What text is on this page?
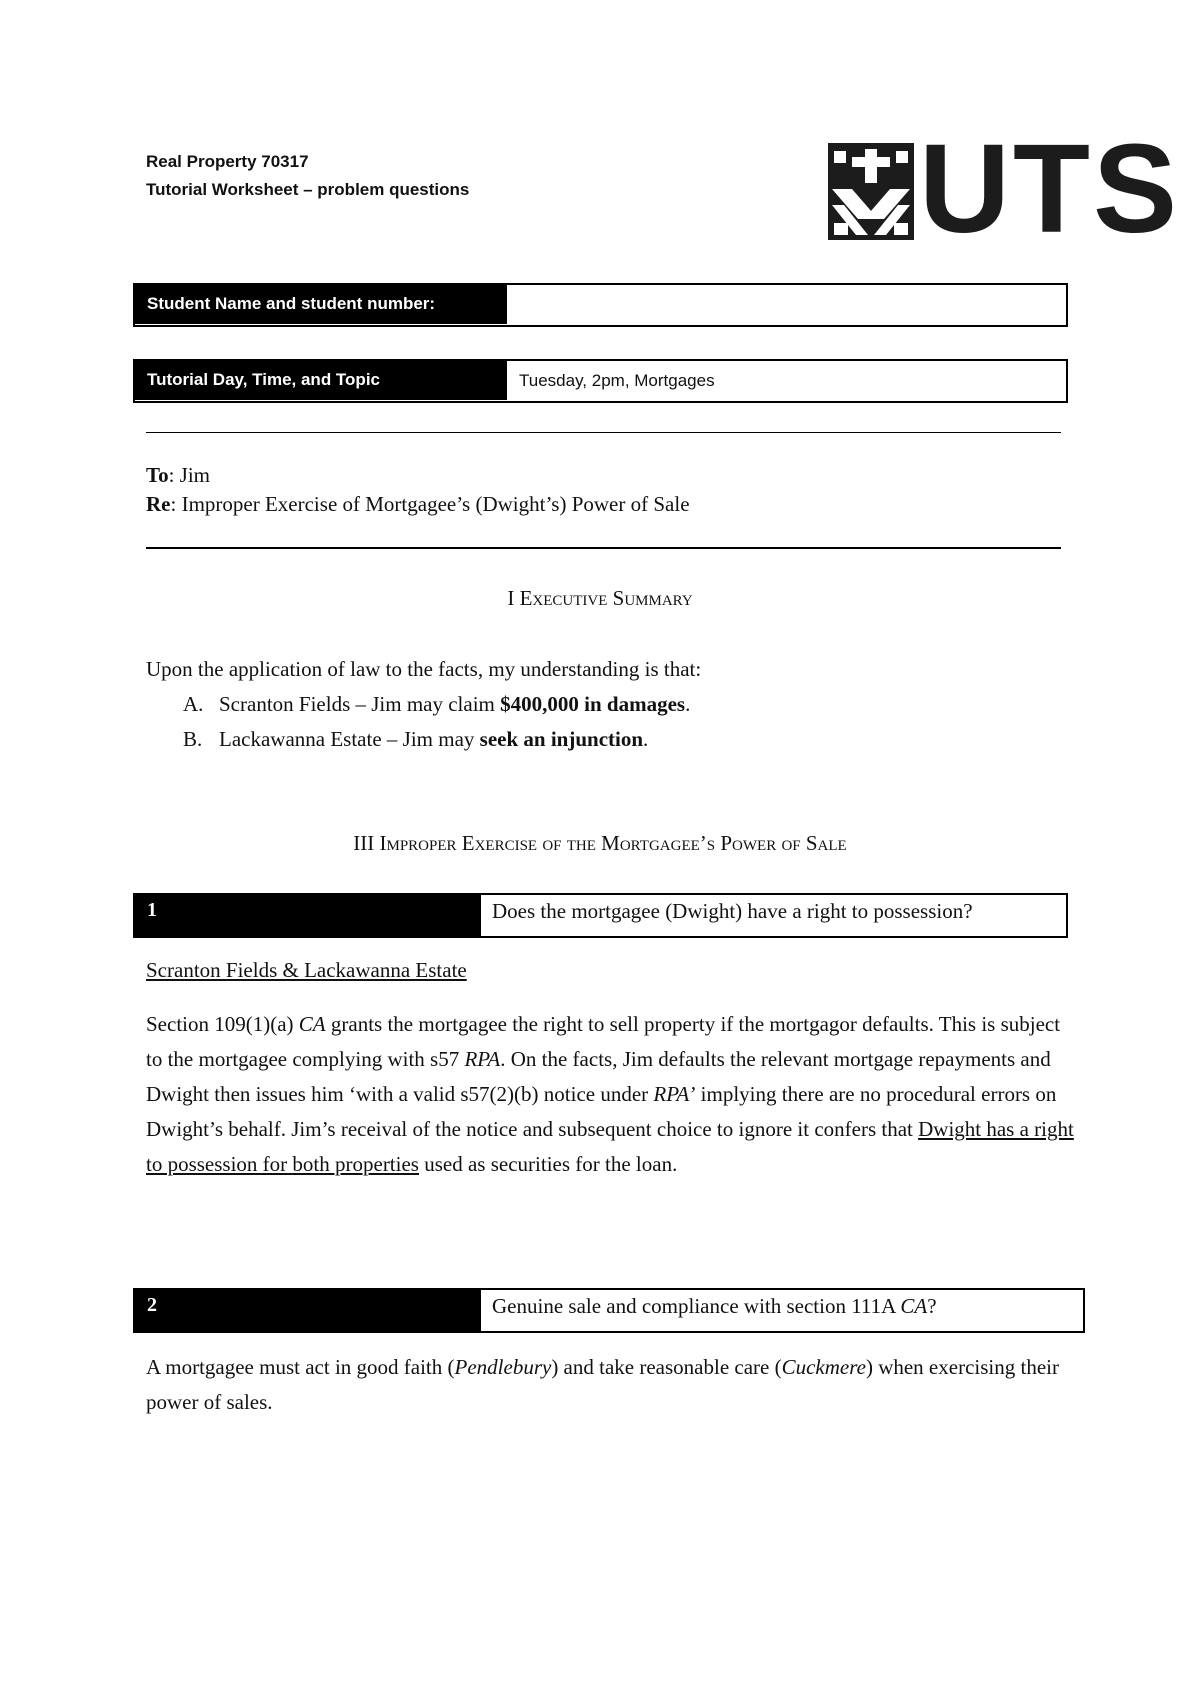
Real Property 70317
Tutorial Worksheet – problem questions	UTS
Student Name and student number:
Tutorial Day, Time, and Topic	Tuesday, 2pm, Mortgages
To: Jim
Re: Improper Exercise of Mortgagee’s (Dwight’s) Power of Sale
I Executive Summary
Upon the application of law to the facts, my understanding is that:
A. Scranton Fields – Jim may claim $400,000 in damages.
B. Lackawanna Estate – Jim may seek an injunction.
III Improper Exercise of the Mortgagee’s Power of Sale
1	Does the mortgagee (Dwight) have a right to possession?
Scranton Fields & Lackawanna Estate
Section 109(1)(a) CA grants the mortgagee the right to sell property if the mortgagor defaults. This is subject to the mortgagee complying with s57 RPA. On the facts, Jim defaults the relevant mortgage repayments and Dwight then issues him ‘with a valid s57(2)(b) notice under RPA’ implying there are no procedural errors on Dwight’s behalf. Jim’s receival of the notice and subsequent choice to ignore it confers that Dwight has a right to possession for both properties used as securities for the loan.
2	Genuine sale and compliance with section 111A CA?
A mortgagee must act in good faith (Pendlebury) and take reasonable care (Cuckmere) when exercising their power of sales.
